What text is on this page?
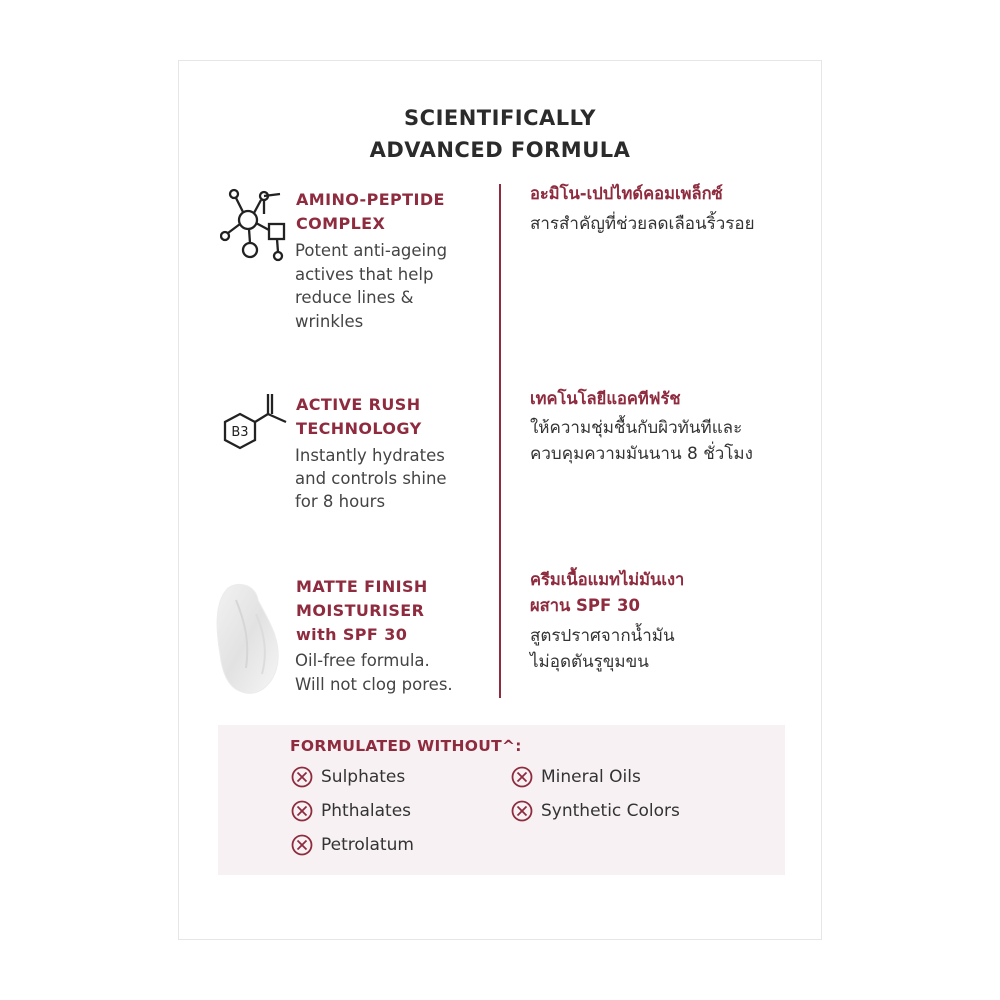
SCIENTIFICALLY
ADVANCED FORMULA
AMINO-PEPTIDE
COMPLEX
Potent anti-ageing
actives that help
reduce lines &
wrinkles
อะมิโน-เปปไทด์คอมเพล็กซ์
สารสำคัญที่ช่วยลดเลือนริ้วรอย
B3
ACTIVE RUSH
TECHNOLOGY
Instantly hydrates
and controls shine
for 8 hours
เทคโนโลยีแอคทีฟรัช
ให้ความชุ่มชื้นกับผิวทันทีและ
ควบคุมความมันนาน 8 ชั่วโมง
MATTE FINISH
MOISTURISER
with SPF 30
Oil-free formula.
Will not clog pores.
ครีมเนื้อแมทไม่มันเงา
ผสาน SPF 30
สูตรปราศจากน้ำมัน
ไม่อุดตันรูขุมขน
FORMULATED WITHOUT^:
Sulphates
Phthalates
Petrolatum
Mineral Oils
Synthetic Colors
